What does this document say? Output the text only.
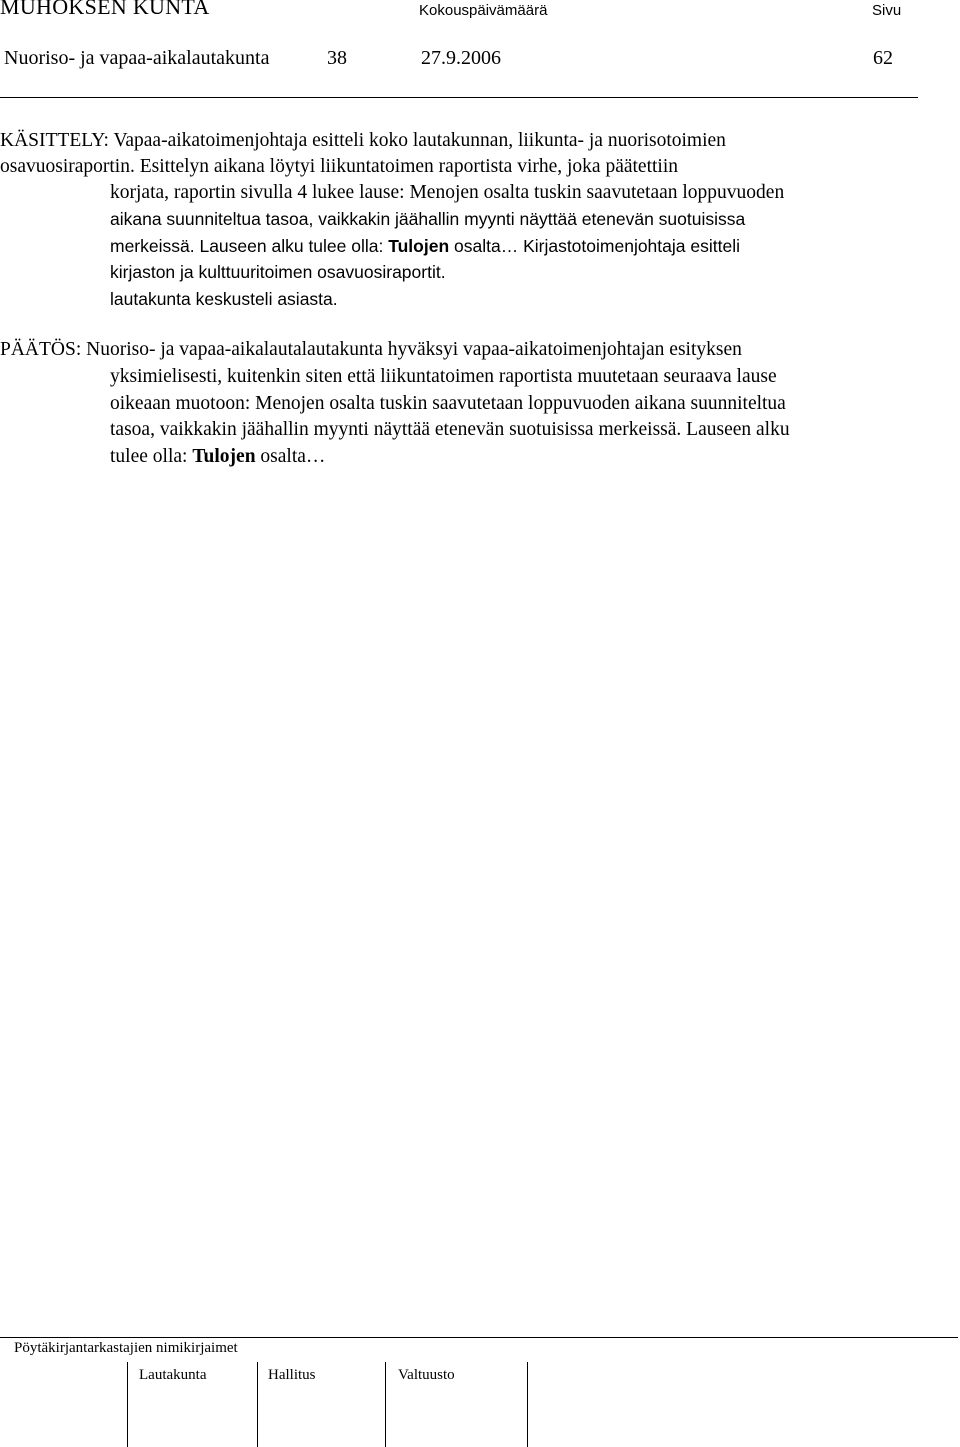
MUHOKSEN KUNTA	Kokouspäivämäärä	Sivu
Nuoriso- ja vapaa-aikalautakunta	38	27.9.2006	62
KÄSITTELY: Vapaa-aikatoimenjohtaja esitteli koko lautakunnan, liikunta- ja nuorisotoimien
osavuosiraportin. Esittelyn aikana löytyi liikuntatoimen raportista virhe, joka päätettiin
korjata, raportin sivulla 4 lukee lause: Menojen osalta tuskin saavutetaan loppuvuoden
aikana suunniteltua tasoa, vaikkakin jäähallin myynti näyttää etenevän suotuisissa
merkeissä. Lauseen alku tulee olla: Tulojen osalta… Kirjastotoimenjohtaja esitteli
kirjaston ja kulttuuritoimen osavuosiraportit.
lautakunta keskusteli asiasta.
PÄÄTÖS: Nuoriso- ja vapaa-aikalautalautakunta hyväksyi vapaa-aikatoimenjohtajan esityksen
yksimielisesti, kuitenkin siten että liikuntatoimen raportista muutetaan seuraava lause
oikeaan muotoon: Menojen osalta tuskin saavutetaan loppuvuoden aikana suunniteltua
tasoa, vaikkakin jäähallin myynti näyttää etenevän suotuisissa merkeissä. Lauseen alku
tulee olla: Tulojen osalta…
Pöytäkirjantarkastajien nimikirjaimet
Lautakunta	Hallitus	Valtuusto
